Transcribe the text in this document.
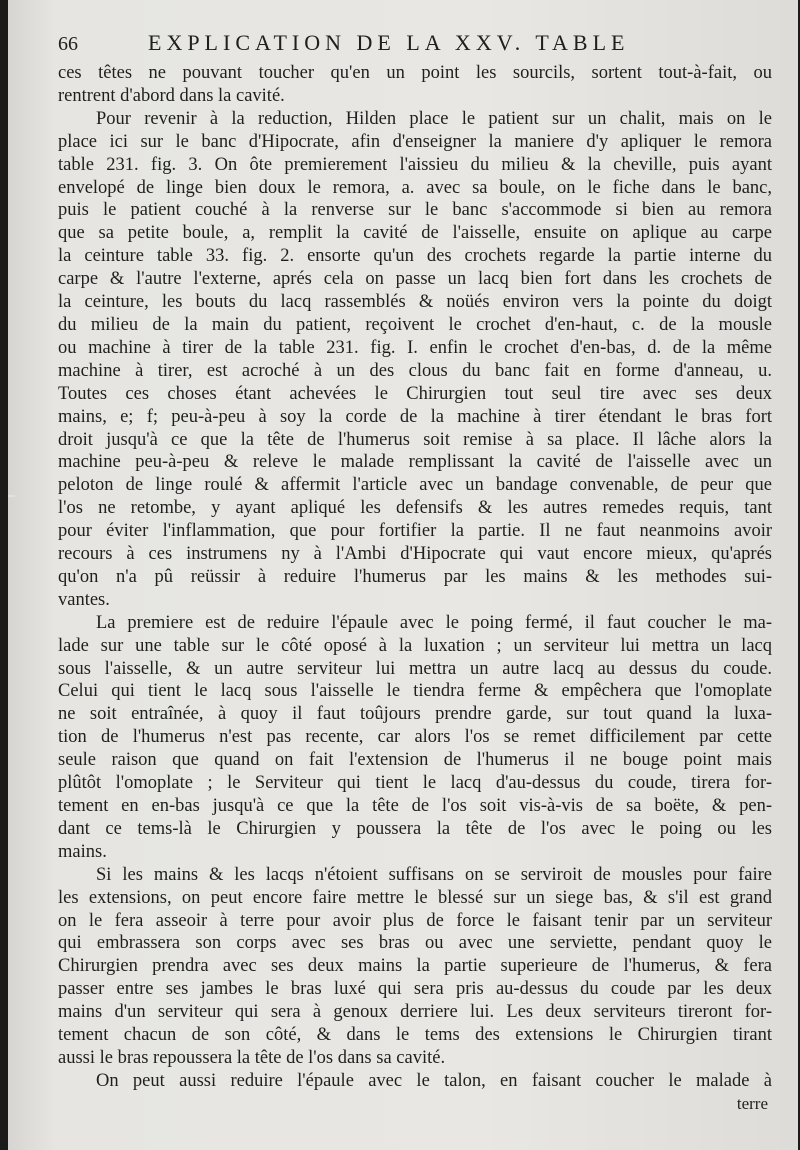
66	EXPLICATION DE LA XXV. TABLE
ces têtes ne pouvant toucher qu'en un point les sourcils, sortent tout-à-fait, ou
rentrent d'abord dans la cavité.
Pour revenir à la reduction, Hilden place le patient sur un chalit, mais on le
place ici sur le banc d'Hipocrate, afin d'enseigner la maniere d'y apliquer le remora
table 231. fig. 3. On ôte premierement l'aissieu du milieu & la cheville, puis ayant
envelopé de linge bien doux le remora, a. avec sa boule, on le fiche dans le banc,
puis le patient couché à la renverse sur le banc s'accommode si bien au remora
que sa petite boule, a, remplit la cavité de l'aisselle, ensuite on aplique au carpe
la ceinture table 33. fig. 2. ensorte qu'un des crochets regarde la partie interne du
carpe & l'autre l'externe, aprés cela on passe un lacq bien fort dans les crochets de
la ceinture, les bouts du lacq rassemblés & noüés environ vers la pointe du doigt
du milieu de la main du patient, reçoivent le crochet d'en-haut, c. de la mousle
ou machine à tirer de la table 231. fig. I. enfin le crochet d'en-bas, d. de la même
machine à tirer, est acroché à un des clous du banc fait en forme d'anneau, u.
Toutes ces choses étant achevées le Chirurgien tout seul tire avec ses deux
mains, e; f; peu-à-peu à soy la corde de la machine à tirer étendant le bras fort
droit jusqu'à ce que la tête de l'humerus soit remise à sa place. Il lâche alors la
machine peu-à-peu & releve le malade remplissant la cavité de l'aisselle avec un
peloton de linge roulé & affermit l'article avec un bandage convenable, de peur que
l'os ne retombe, y ayant apliqué les defensifs & les autres remedes requis, tant
pour éviter l'inflammation, que pour fortifier la partie. Il ne faut neanmoins avoir
recours à ces instrumens ny à l'Ambi d'Hipocrate qui vaut encore mieux, qu'aprés
qu'on n'a pû reüssir à reduire l'humerus par les mains & les methodes sui-
vantes.
La premiere est de reduire l'épaule avec le poing fermé, il faut coucher le ma-
lade sur une table sur le côté oposé à la luxation ; un serviteur lui mettra un lacq
sous l'aisselle, & un autre serviteur lui mettra un autre lacq au dessus du coude.
Celui qui tient le lacq sous l'aisselle le tiendra ferme & empêchera que l'omoplate
ne soit entraînée, à quoy il faut toûjours prendre garde, sur tout quand la luxa-
tion de l'humerus n'est pas recente, car alors l'os se remet difficilement par cette
seule raison que quand on fait l'extension de l'humerus il ne bouge point mais
plûtôt l'omoplate ; le Serviteur qui tient le lacq d'au-dessus du coude, tirera for-
tement en en-bas jusqu'à ce que la tête de l'os soit vis-à-vis de sa boëte, & pen-
dant ce tems-là le Chirurgien y poussera la tête de l'os avec le poing ou les
mains.
Si les mains & les lacqs n'étoient suffisans on se serviroit de mousles pour faire
les extensions, on peut encore faire mettre le blessé sur un siege bas, & s'il est grand
on le fera asseoir à terre pour avoir plus de force le faisant tenir par un serviteur
qui embrassera son corps avec ses bras ou avec une serviette, pendant quoy le
Chirurgien prendra avec ses deux mains la partie superieure de l'humerus, & fera
passer entre ses jambes le bras luxé qui sera pris au-dessus du coude par les deux
mains d'un serviteur qui sera à genoux derriere lui. Les deux serviteurs tireront for-
tement chacun de son côté, & dans le tems des extensions le Chirurgien tirant
aussi le bras repoussera la tête de l'os dans sa cavité.
On peut aussi reduire l'épaule avec le talon, en faisant coucher le malade à
terre
